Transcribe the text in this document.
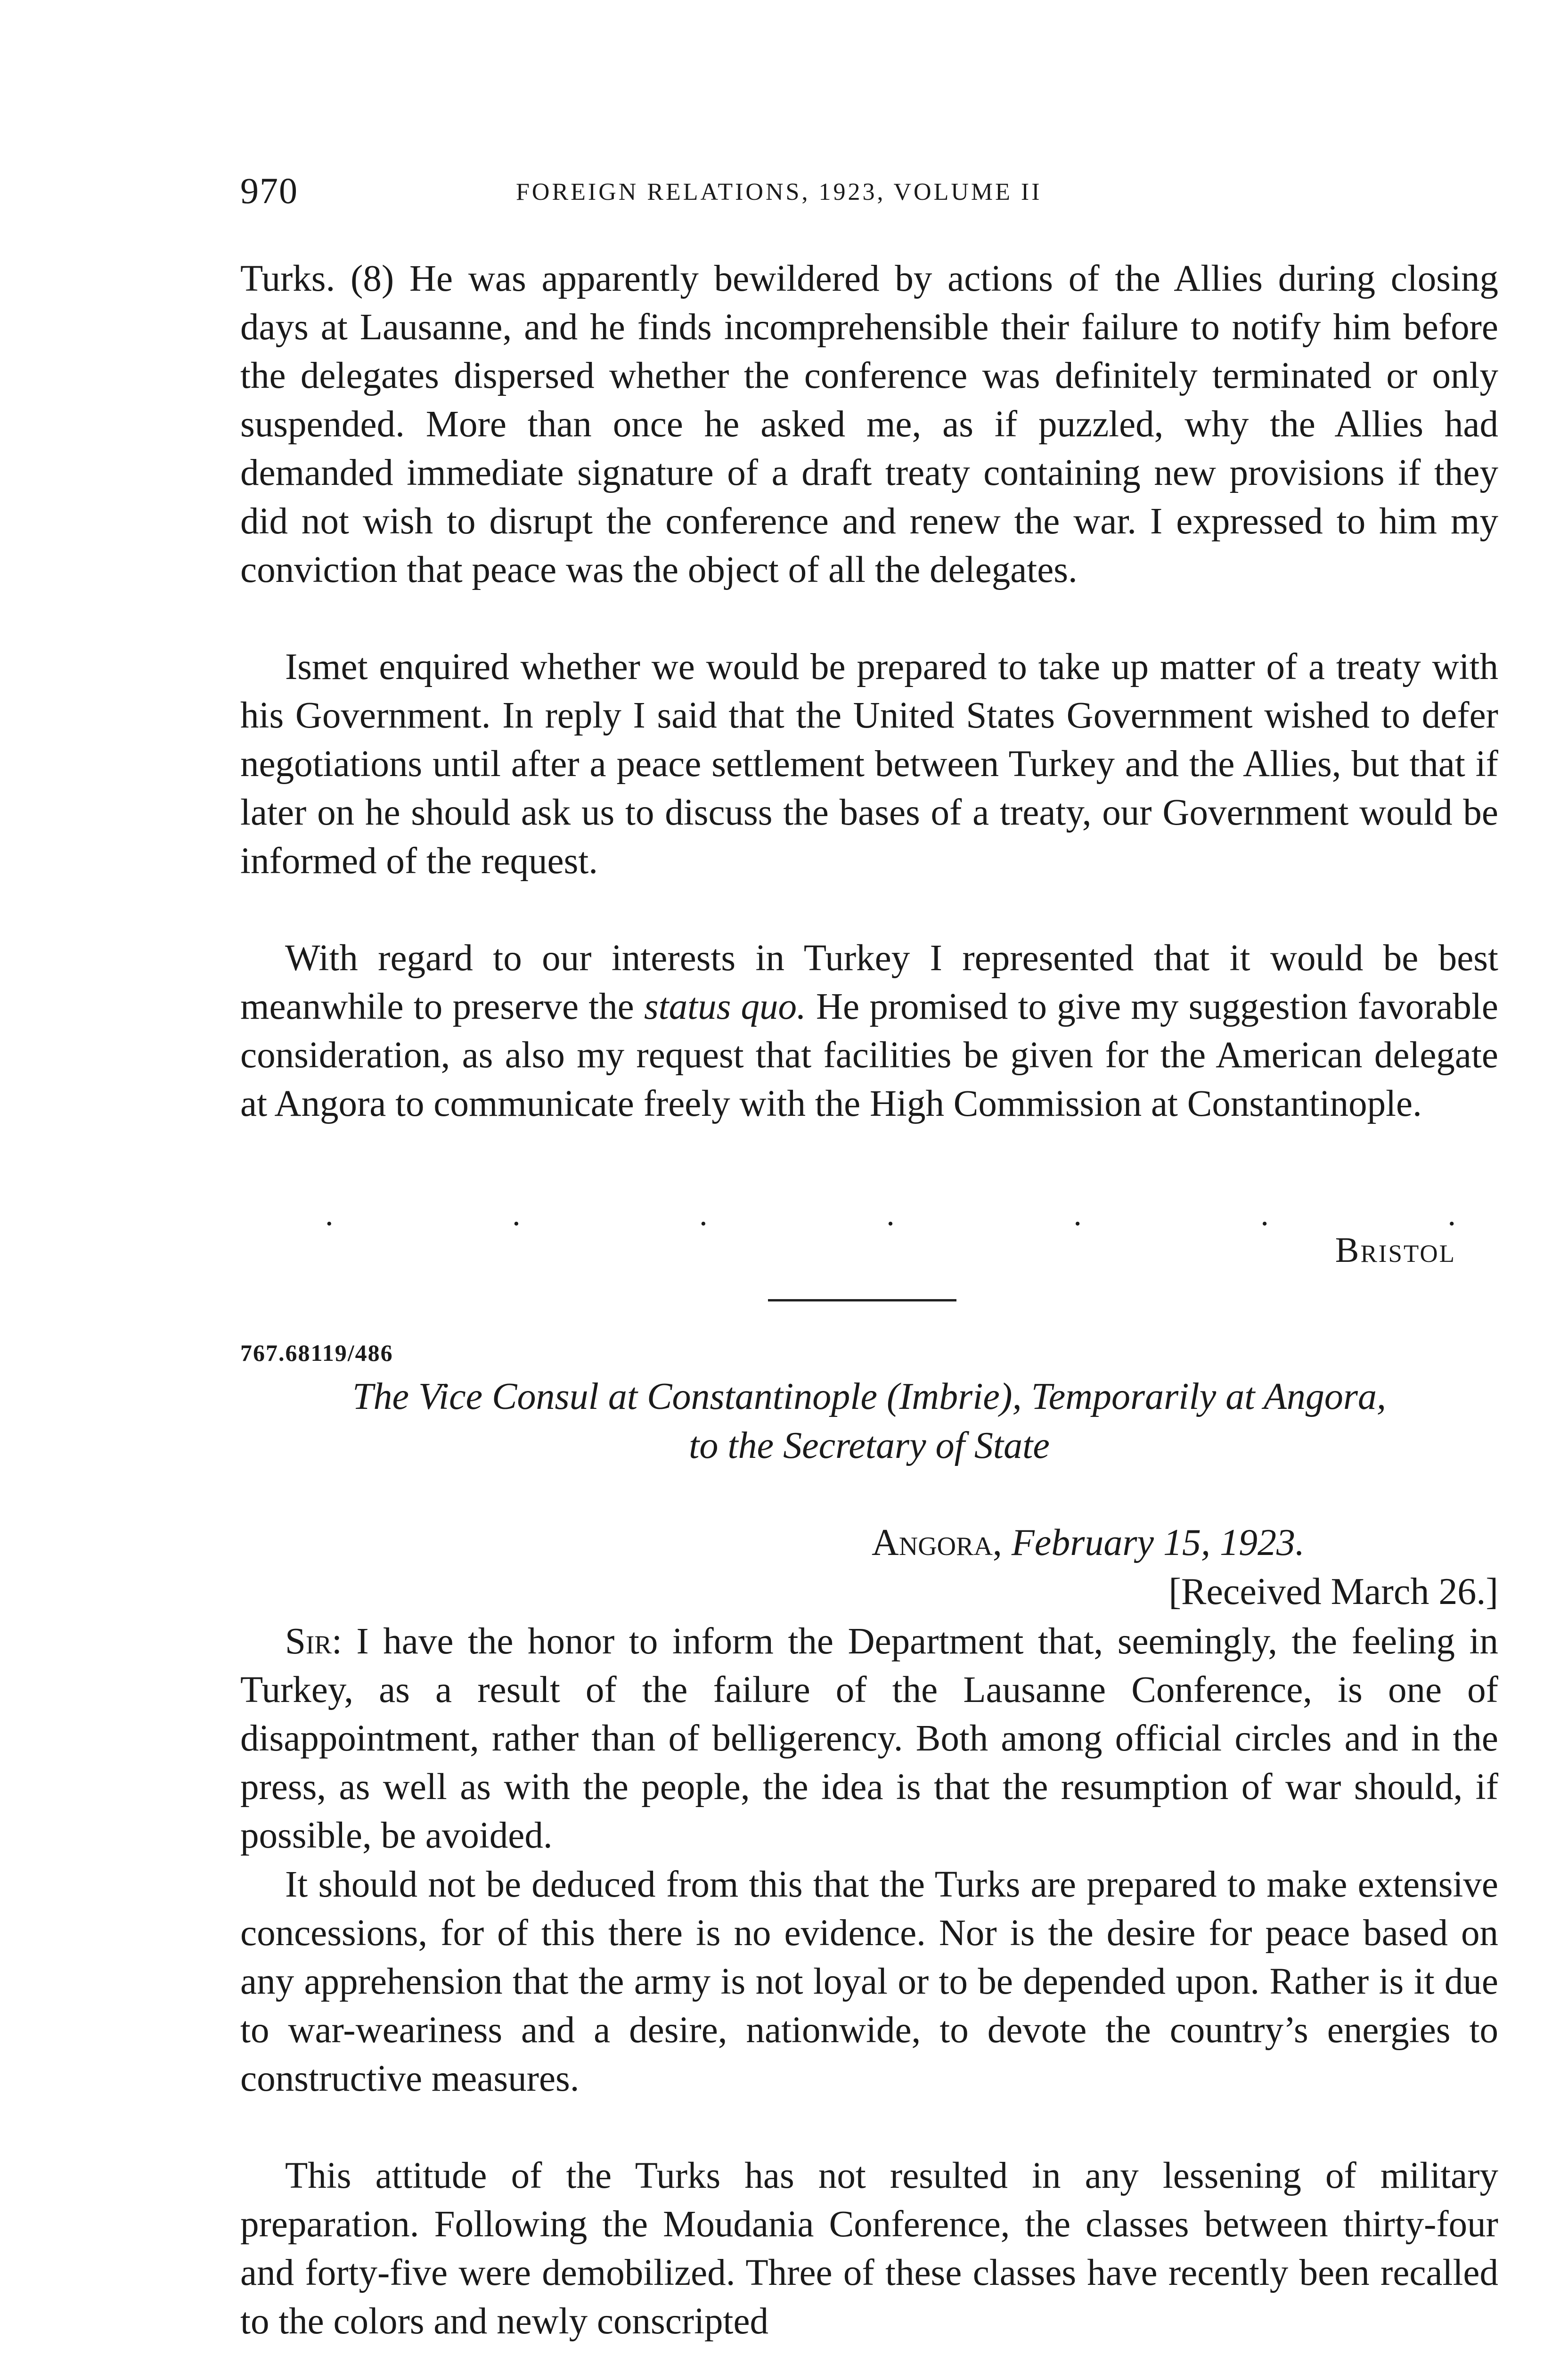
970	FOREIGN RELATIONS, 1923, VOLUME II

Turks. (8) He was apparently bewildered by actions of the Allies during closing days at Lausanne, and he finds incomprehensible their failure to notify him before the delegates dispersed whether the conference was definitely terminated or only suspended. More than once he asked me, as if puzzled, why the Allies had demanded immediate signature of a draft treaty containing new provisions if they did not wish to disrupt the conference and renew the war. I expressed to him my conviction that peace was the object of all the delegates.

Ismet enquired whether we would be prepared to take up matter of a treaty with his Government. In reply I said that the United States Government wished to defer negotiations until after a peace settlement between Turkey and the Allies, but that if later on he should ask us to discuss the bases of a treaty, our Government would be informed of the request.

With regard to our interests in Turkey I represented that it would be best meanwhile to preserve the status quo. He promised to give my suggestion favorable consideration, as also my request that facilities be given for the American delegate at Angora to communicate freely with the High Commission at Constantinople.

.	.	.	.	.	.	.
Bristol
767.68119/486
The Vice Consul at Constantinople (Imbrie), Temporarily at Angora,
to the Secretary of State
Angora, February 15, 1923.
[Received March 26.]

Sir: I have the honor to inform the Department that, seemingly, the feeling in Turkey, as a result of the failure of the Lausanne Conference, is one of disappointment, rather than of belligerency. Both among official circles and in the press, as well as with the people, the idea is that the resumption of war should, if possible, be avoided.

It should not be deduced from this that the Turks are prepared to make extensive concessions, for of this there is no evidence. Nor is the desire for peace based on any apprehension that the army is not loyal or to be depended upon. Rather is it due to war-weariness and a desire, nationwide, to devote the country’s energies to constructive measures.

This attitude of the Turks has not resulted in any lessening of military preparation. Following the Moudania Conference, the classes between thirty-four and forty-five were demobilized. Three of these classes have recently been recalled to the colors and newly conscripted
